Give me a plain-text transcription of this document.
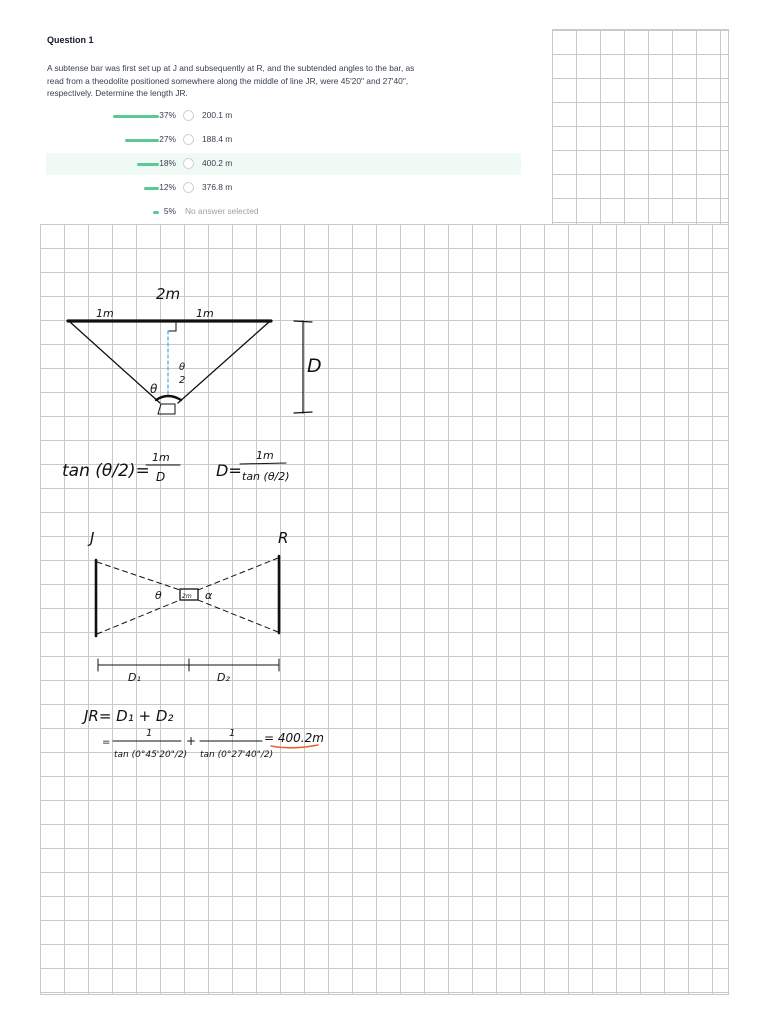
Question 1
A subtense bar was first set up at J and subsequently at R, and the subtended angles to the bar, as read from a theodolite positioned somewhere along the middle of line JR, were 45'20" and 27'40", respectively. Determine the length JR.
37%	200.1 m
27%	188.4 m
18%	400.2 m
12%	376.8 m
5% No answer selected
2m
1m	1m
θ
θ
2
D
tan (θ/2)=
1m
D	D=
1m
tan (θ/2)
J	R
θ	2m α
D₁	D₂
JR= D₁ + D₂
=
1
tan (0°45'20"/2)
+
1
tan (0°27'40"/2)
= 400.2m
